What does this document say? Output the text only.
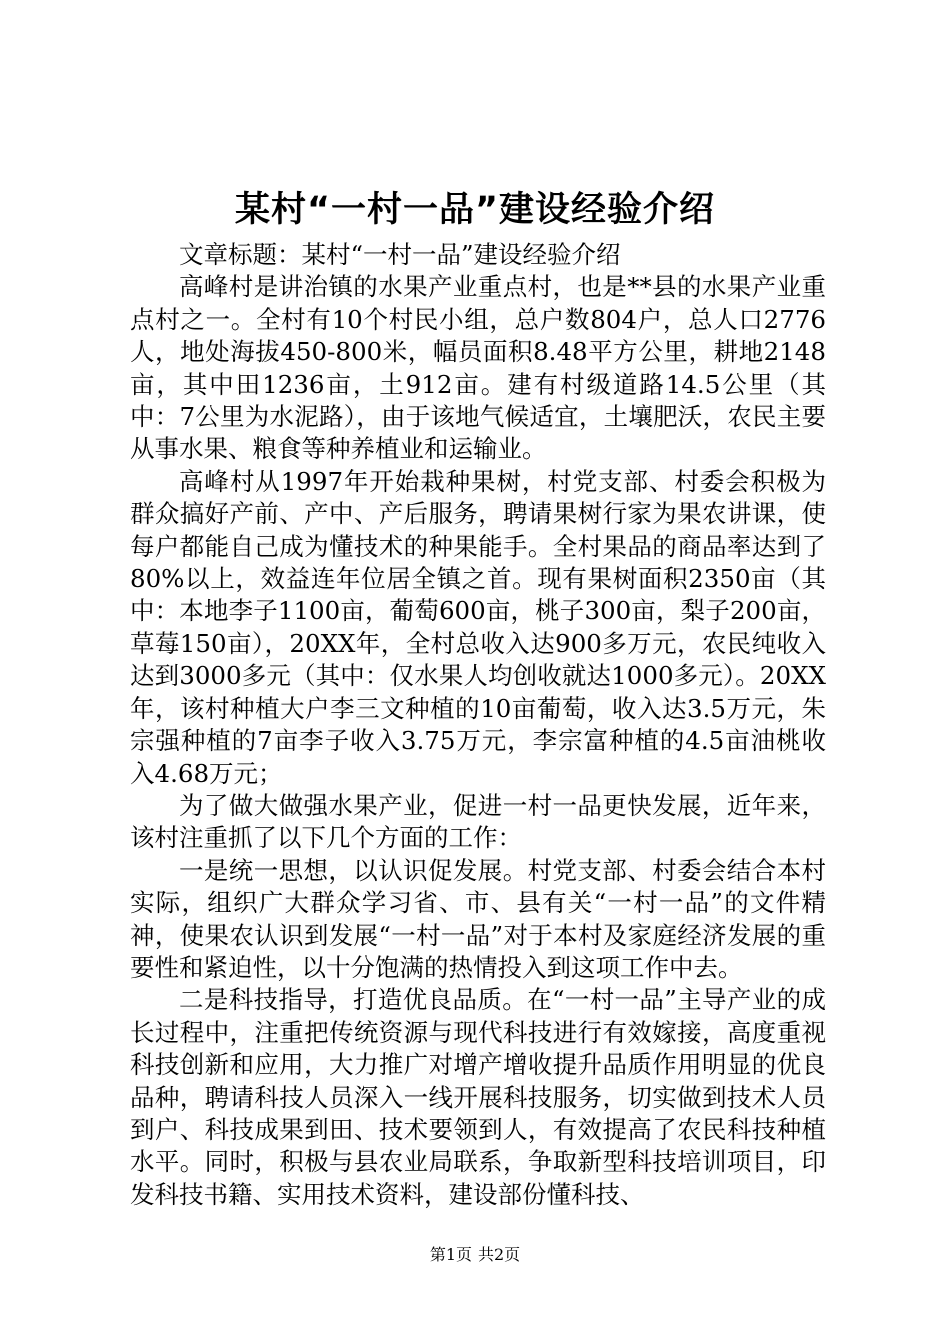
某村“一村一品”建设经验介绍

文章标题：某村“一村一品”建设经验介绍

高峰村是讲治镇的水果产业重点村，也是**县的水果产业重点村之一。全村有10个村民小组，总户数804户，总人口2776人，地处海拔450-800米，幅员面积8.48平方公里，耕地2148亩，其中田1236亩，土912亩。建有村级道路14.5公里（其中：7公里为水泥路），由于该地气候适宜，土壤肥沃，农民主要从事水果、粮食等种养植业和运输业。

高峰村从1997年开始栽种果树，村党支部、村委会积极为群众搞好产前、产中、产后服务，聘请果树行家为果农讲课，使每户都能自己成为懂技术的种果能手。全村果品的商品率达到了80%以上，效益连年位居全镇之首。现有果树面积2350亩（其中：本地李子1100亩，葡萄600亩，桃子300亩，梨子200亩，草莓150亩），20XX年，全村总收入达900多万元，农民纯收入达到3000多元（其中：仅水果人均创收就达1000多元）。20XX年，该村种植大户李三文种植的10亩葡萄，收入达3.5万元，朱宗强种植的7亩李子收入3.75万元，李宗富种植的4.5亩油桃收入4.68万元；

为了做大做强水果产业，促进一村一品更快发展，近年来，该村注重抓了以下几个方面的工作：

一是统一思想，以认识促发展。村党支部、村委会结合本村实际，组织广大群众学习省、市、县有关“一村一品”的文件精神，使果农认识到发展“一村一品”对于本村及家庭经济发展的重要性和紧迫性，以十分饱满的热情投入到这项工作中去。

二是科技指导，打造优良品质。在“一村一品”主导产业的成长过程中，注重把传统资源与现代科技进行有效嫁接，高度重视科技创新和应用，大力推广对增产增收提升品质作用明显的优良品种，聘请科技人员深入一线开展科技服务，切实做到技术人员到户、科技成果到田、技术要领到人，有效提高了农民科技种植水平。同时，积极与县农业局联系，争取新型科技培训项目，印发科技书籍、实用技术资料，建设部份懂科技、

第1页 共2页
